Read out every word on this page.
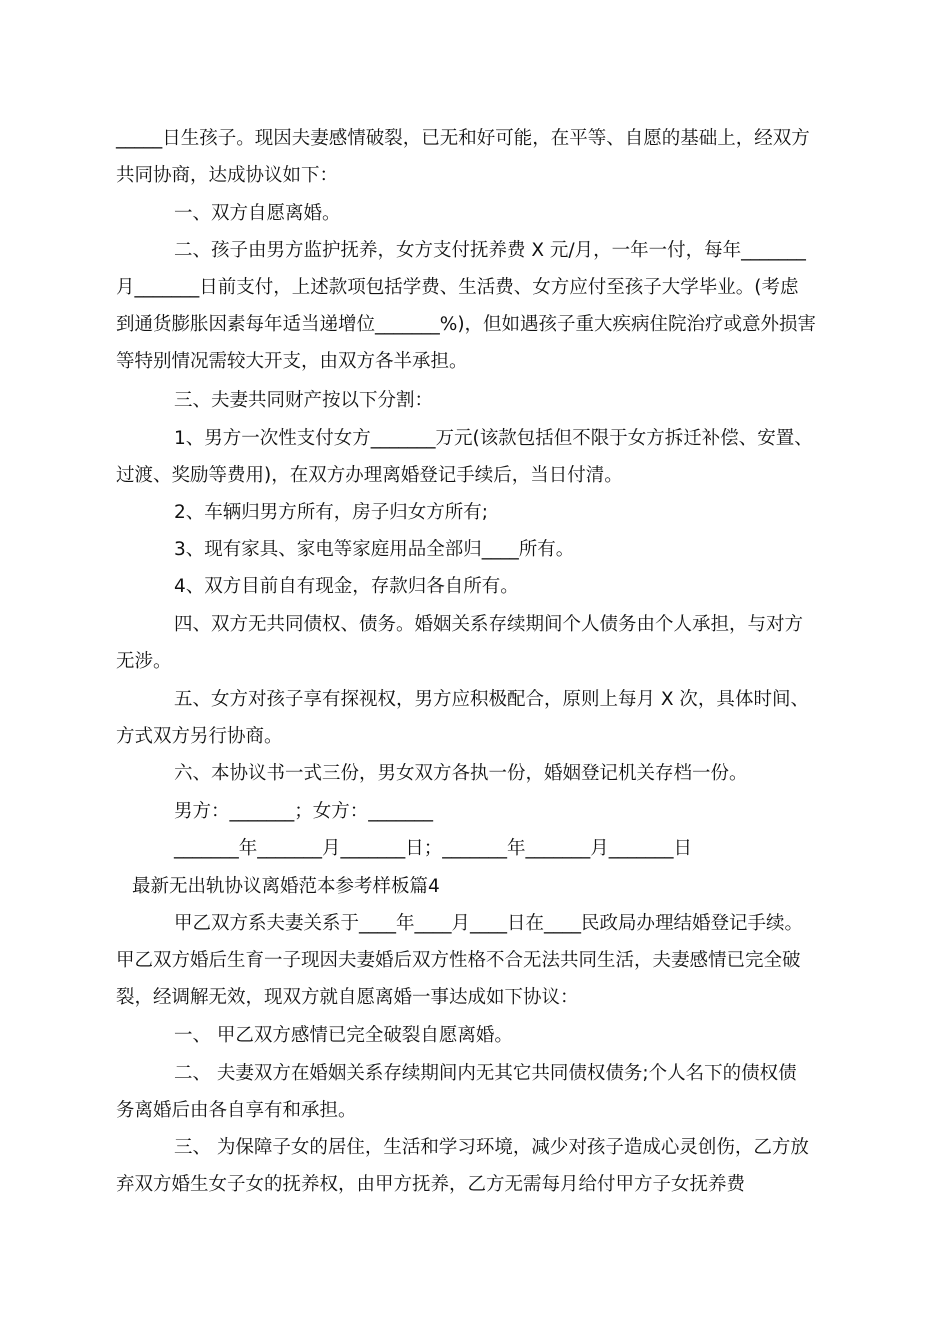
_____日生孩子。现因夫妻感情破裂，已无和好可能，在平等、自愿的基础上，经双方
共同协商，达成协议如下：
一、双方自愿离婚。
二、孩子由男方监护抚养，女方支付抚养费 X 元/月，一年一付，每年_______
月_______日前支付，上述款项包括学费、生活费、女方应付至孩子大学毕业。(考虑
到通货膨胀因素每年适当递增位_______%)，但如遇孩子重大疾病住院治疗或意外损害
等特别情况需较大开支，由双方各半承担。
三、夫妻共同财产按以下分割：
1、男方一次性支付女方_______万元(该款包括但不限于女方拆迁补偿、安置、
过渡、奖励等费用)，在双方办理离婚登记手续后，当日付清。
2、车辆归男方所有，房子归女方所有;
3、现有家具、家电等家庭用品全部归____所有。
4、双方目前自有现金，存款归各自所有。
四、双方无共同债权、债务。婚姻关系存续期间个人债务由个人承担，与对方
无涉。
五、女方对孩子享有探视权，男方应积极配合，原则上每月 X 次，具体时间、
方式双方另行协商。
六、本协议书一式三份，男女双方各执一份，婚姻登记机关存档一份。
男方：_______；女方：_______
_______年_______月_______日；_______年_______月_______日
最新无出轨协议离婚范本参考样板篇4
甲乙双方系夫妻关系于____年____月____日在____民政局办理结婚登记手续。
甲乙双方婚后生育一子现因夫妻婚后双方性格不合无法共同生活，夫妻感情已完全破
裂，经调解无效，现双方就自愿离婚一事达成如下协议：
一、 甲乙双方感情已完全破裂自愿离婚。
二、 夫妻双方在婚姻关系存续期间内无其它共同债权债务;个人名下的债权债
务离婚后由各自享有和承担。
三、 为保障子女的居住，生活和学习环境，减少对孩子造成心灵创伤，乙方放
弃双方婚生女子女的抚养权，由甲方抚养，乙方无需每月给付甲方子女抚养费
